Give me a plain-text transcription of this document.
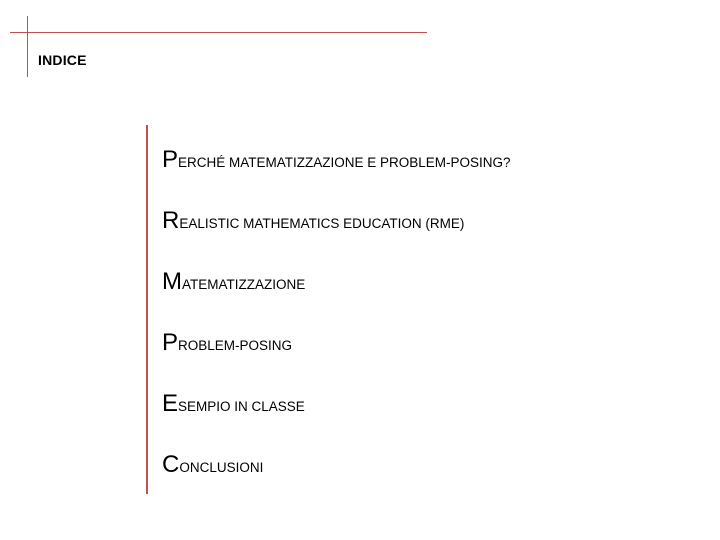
INDICE
PERCHÉ MATEMATIZZAZIONE E PROBLEM-POSING?
REALISTIC MATHEMATICS EDUCATION (RME)
MATEMATIZZAZIONE
PROBLEM-POSING
ESEMPIO IN CLASSE
CONCLUSIONI
